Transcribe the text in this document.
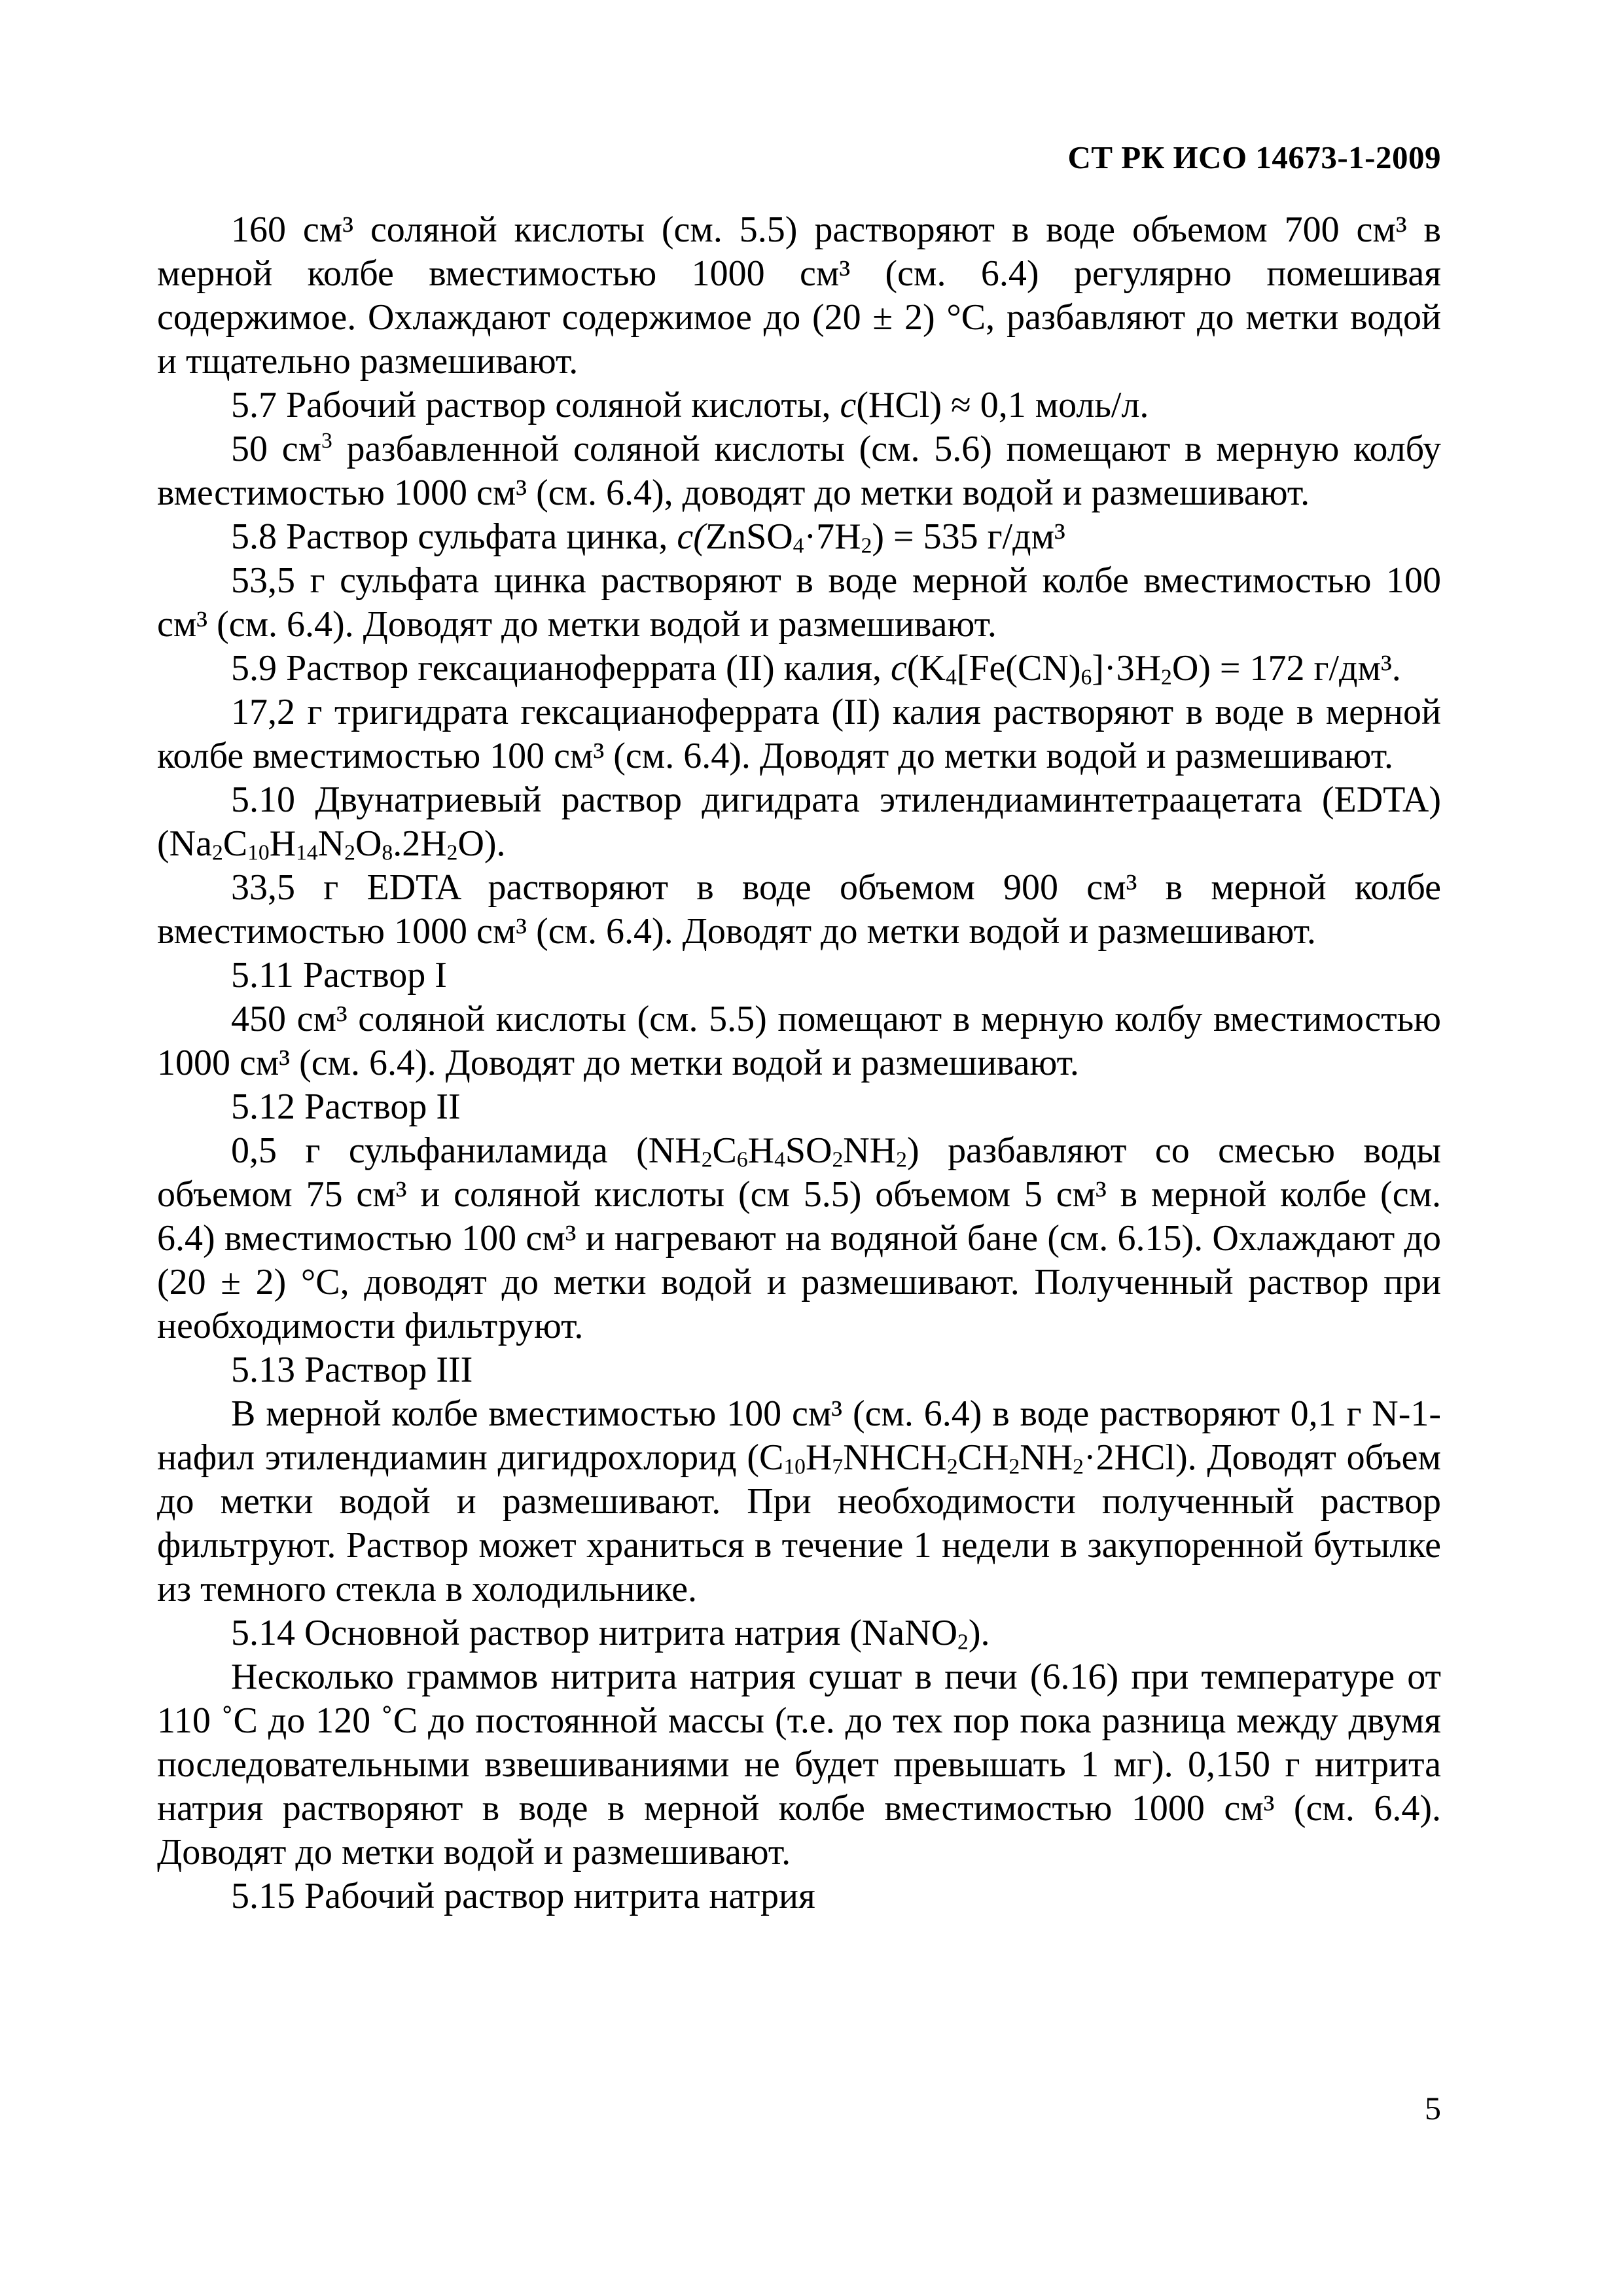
СТ РК ИСО 14673-1-2009

160 см³ соляной кислоты (см. 5.5) растворяют в воде объемом 700 см³ в мерной колбе вместимостью 1000 см³ (см. 6.4) регулярно помешивая содержимое. Охлаждают содержимое до (20 ± 2) °С, разбавляют до метки водой и тщательно размешивают.

5.7 Рабочий раствор соляной кислоты, c(HCl) ≈ 0,1 моль/л.

50 $см^3$ разбавленной соляной кислоты (см. 5.6) помещают в мерную колбу вместимостью 1000 см³ (см. 6.4), доводят до метки водой и размешивают.

5.8 Раствор сульфата цинка, $c(ZnSO_4\cdot 7H_2) = 535$ г/дм³

53,5 г сульфата цинка растворяют в воде мерной колбе вместимостью 100 см³ (см. 6.4). Доводят до метки водой и размешивают.

5.9 Раствор гексацианоферрата (II) калия, $c(K_4[Fe(CN)_6]\cdot 3H_2O) = 172$ г/дм³.

17,2 г тригидрата гексацианоферрата (II) калия растворяют в воде в мерной колбе вместимостью 100 см³ (см. 6.4). Доводят до метки водой и размешивают.

5.10 Двунатриевый раствор дигидрата этилендиаминтетраацетата (EDTA) $(Na_2C_{10}H_{14}N_2O_8.2H_2O)$.

33,5 г EDTA растворяют в воде объемом 900 см³ в мерной колбе вместимостью 1000 см³ (см. 6.4). Доводят до метки водой и размешивают.

5.11 Раствор I

450 см³ соляной кислоты (см. 5.5) помещают в мерную колбу вместимостью 1000 см³ (см. 6.4). Доводят до метки водой и размешивают.

5.12 Раствор II

0,5 г сульфаниламида $(NH_2C_6H_4SO_2NH_2)$ разбавляют со смесью воды объемом 75 см³ и соляной кислоты (см 5.5) объемом 5 см³ в мерной колбе (см. 6.4) вместимостью 100 см³ и нагревают на водяной бане (см. 6.15). Охлаждают до (20 ± 2) °С, доводят до метки водой и размешивают. Полученный раствор при необходимости фильтруют.

5.13 Раствор III

В мерной колбе вместимостью 100 см³ (см. 6.4) в воде растворяют 0,1 г N-1- нафил этилендиамин дигидрохлорид $(C_{10}H_7NHCH_2CH_2NH_2\cdot 2HCl)$. Доводят объем до метки водой и размешивают. При необходимости полученный раствор фильтруют. Раствор может храниться в течение 1 недели в закупоренной бутылке из темного стекла в холодильнике.

5.14 Основной раствор нитрита натрия (NaNO$_2$).

Несколько граммов нитрита натрия сушат в печи (6.16) при температуре от 110 ˚С до 120 ˚С до постоянной массы (т.е. до тех пор пока разница между двумя последовательными взвешиваниями не будет превышать 1 мг). 0,150 г нитрита натрия растворяют в воде в мерной колбе вместимостью 1000 см³ (см. 6.4). Доводят до метки водой и размешивают.

5.15 Рабочий раствор нитрита натрия

5
